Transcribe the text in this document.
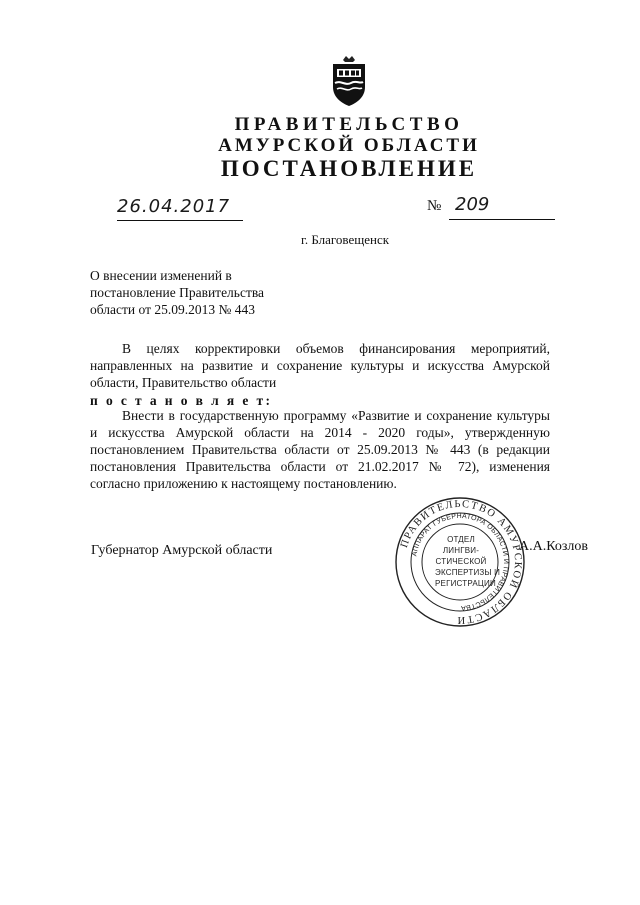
ПРАВИТЕЛЬСТВО
АМУРСКОЙ ОБЛАСТИ
ПОСТАНОВЛЕНИЕ
26.04.2017	№ 209
г. Благовещенск
О внесении изменений в
постановление Правительства
области от 25.09.2013 № 443
В целях корректировки объемов финансирования мероприятий,
направленных на развитие и сохранение культуры и искусства Амурской
области, Правительство области
п о с т а н о в л я е т:
Внести в государственную программу «Развитие и сохранение культуры
и искусства Амурской области на 2014 - 2020 годы», утвержденную
постановлением Правительства области от 25.09.2013 № 443 (в редакции
постановления Правительства области от 21.02.2017 № 72), изменения
согласно приложению к настоящему постановлению.
Губернатор Амурской области	ПРАВИТЕЛЬСТВО АМУРСКОЙ ОБЛАСТИ
АППАРАТ ГУБЕРНАТОРА ОБЛАСТИ И ПРАВИТЕЛЬСТВА
ОТДЕЛ
ЛИНГВИ-
СТИЧЕСКОЙ
ЭКСПЕРТИЗЫ И
РЕГИСТРАЦИИ
А.А.Козлов
